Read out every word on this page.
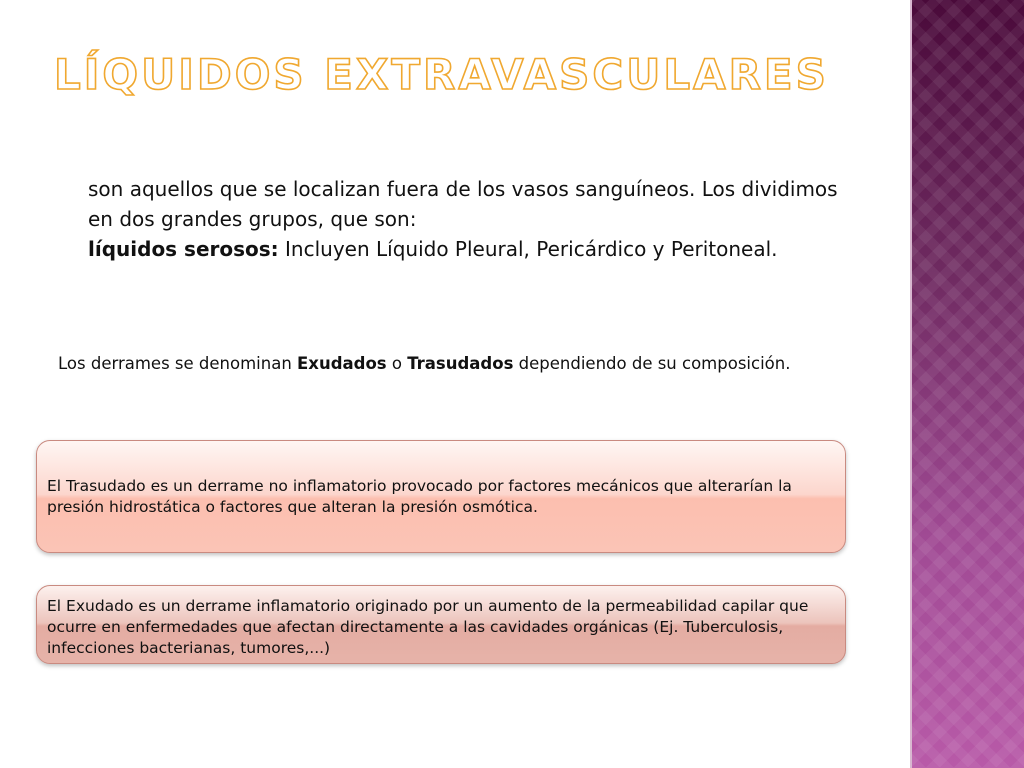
LÍQUIDOS EXTRAVASCULARES

son aquellos que se localizan fuera de los vasos sanguíneos. Los dividimos en dos grandes grupos, que son:

líquidos serosos: Incluyen Líquido Pleural, Pericárdico y Peritoneal.

Los derrames se denominan Exudados o Trasudados dependiendo de su composición.
El Trasudado es un derrame no inflamatorio provocado por factores mecánicos que alterarían la presión hidrostática o factores que alteran la presión osmótica.
El Exudado es un derrame inflamatorio originado por un aumento de la permeabilidad capilar que ocurre en enfermedades que afectan directamente a las cavidades orgánicas (Ej. Tuberculosis, infecciones bacterianas, tumores,...)
